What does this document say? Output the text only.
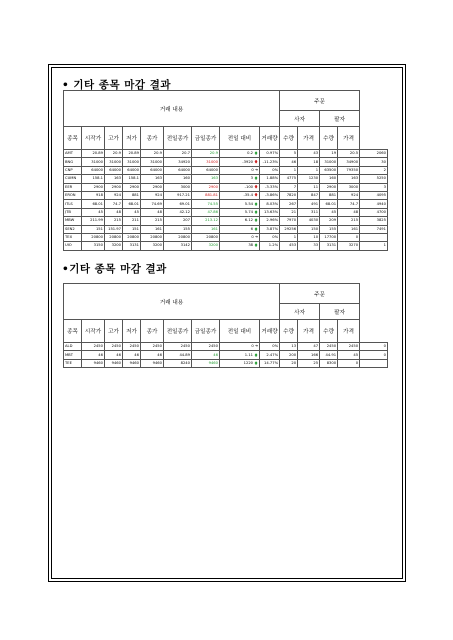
• 기타 종목 마감 결과
거래 내용									주문				
									사자		팔자		
종목	시작가	고가	저가	종가	전일종가	금일종가	전일 대비	거래량	수량	가격	수량	가격	
AMT	20.89	20.9	20.89	20.9	20.7	20.9	0.2 🡅	0.97%	5	43	19	20.5	2060
BNG	31000	31000	31000	31000	34920	31000	-3920 🡇	-11.23%	46	18	31000	34900	30
CNP	64000	64000	64000	64000	64000	64000	0 ➔	0%	1	1	63500	79350	2
CUMN	158.1	163	158.1	163	160	163	3 🡅	1.88%	4775	1230	160	163	5250
EER	2900	2900	2900	2900	3000	2900	-100 🡇	-3.33%	7	11	2900	3000	3
ERON	918	924	881	924	917.21	881.81	-35.4 🡇	-3.86%	7820	847	881	924	4095
ITLS	68.01	74.7	68.01	74.69	69.01	74.55	5.54 🡅	8.03%	267	491	68.01	74.7	4940
JTB	45	48	45	48	42.12	47.86	5.74 🡅	13.63%	21	311	45	48	4700
MBW	211.99	215	211	215	207	213.12	6.12 🡅	2.96%	7970	4030	209	215	3825
SEN2	151	151.97	151	161	155	161	6 🡅	3.87%	29256	150	155	161	7491
TEX	20800	20800	20800	20800	20800	20800	0 ➔	0%	1	10	17700	0	
UIO	3150	3200	3131	3200	3142	3200	38 🡅	1.2%	453	33	3131	3270	1
•기타 종목 마감 결과
거래 내용									주문				
									사자		팔자		
종목	시작가	고가	저가	종가	전일종가	금일종가	전일 대비	거래량	수량	가격	수량	가격	
ALD	2450	2450	2450	2450	2450	2450	0 ➔	0%	13	47	2450	2450	0
MBT	46	46	46	46	44.89	46	1.11 🡅	2.47%	200	166	44.91	45	0
TEE	9460	9460	9460	9460	8240	9460	1220 🡅	14.77%	20	25	8300	0	
